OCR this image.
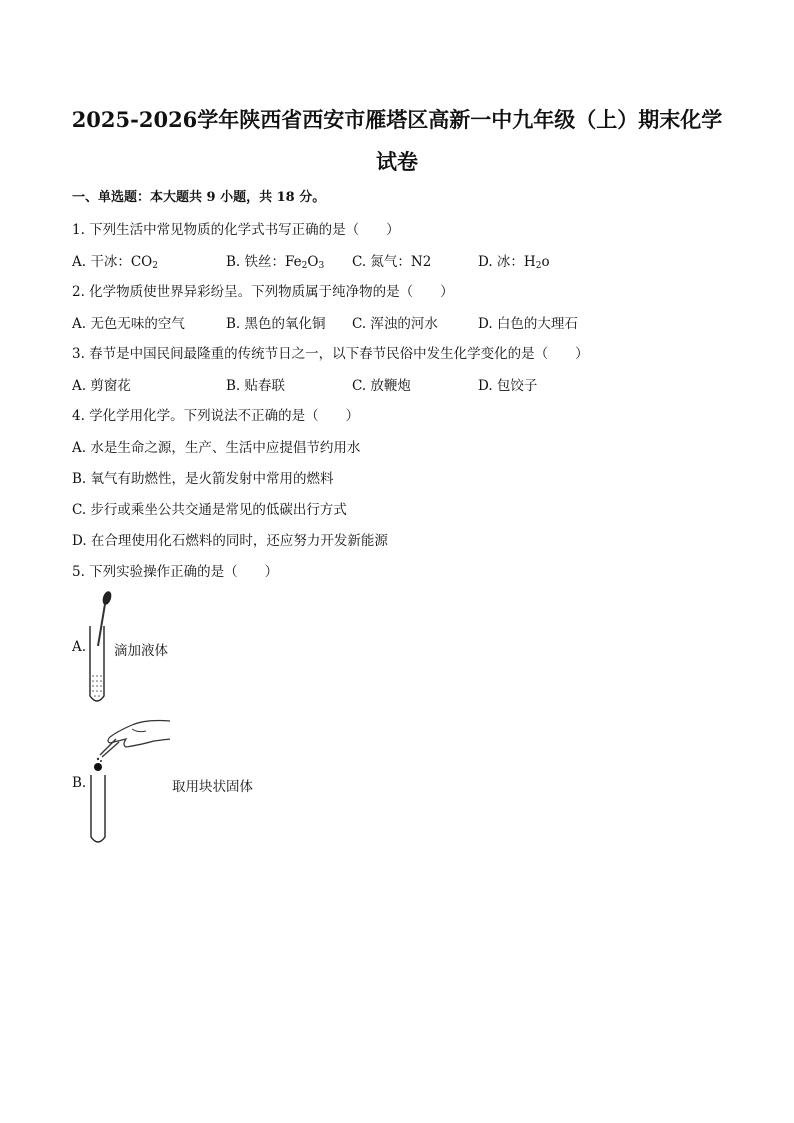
2025-2026学年陕西省西安市雁塔区高新一中九年级（上）期末化学
试卷
一、单选题：本大题共 9 小题，共 18 分。
1. 下列生活中常见物质的化学式书写正确的是（　　）
A. 干冰：$CO_2$	B. 铁丝：$Fe_2O_3$ C. 氮气：N2	D. 冰：$H_2o$
2. 化学物质使世界异彩纷呈。下列物质属于纯净物的是（　　）
A. 无色无味的空气	B. 黑色的氧化铜 C. 浑浊的河水	D. 白色的大理石
3. 春节是中国民间最隆重的传统节日之一，以下春节民俗中发生化学变化的是（　　）
A. 剪窗花	B. 贴春联	C. 放鞭炮	D. 包饺子
4. 学化学用化学。下列说法不正确的是（　　）
A. 水是生命之源，生产、生活中应提倡节约用水
B. 氧气有助燃性，是火箭发射中常用的燃料
C. 步行或乘坐公共交通是常见的低碳出行方式
D. 在合理使用化石燃料的同时，还应努力开发新能源
5. 下列实验操作正确的是（　　）
A. 滴加液体
B.	取用块状固体
